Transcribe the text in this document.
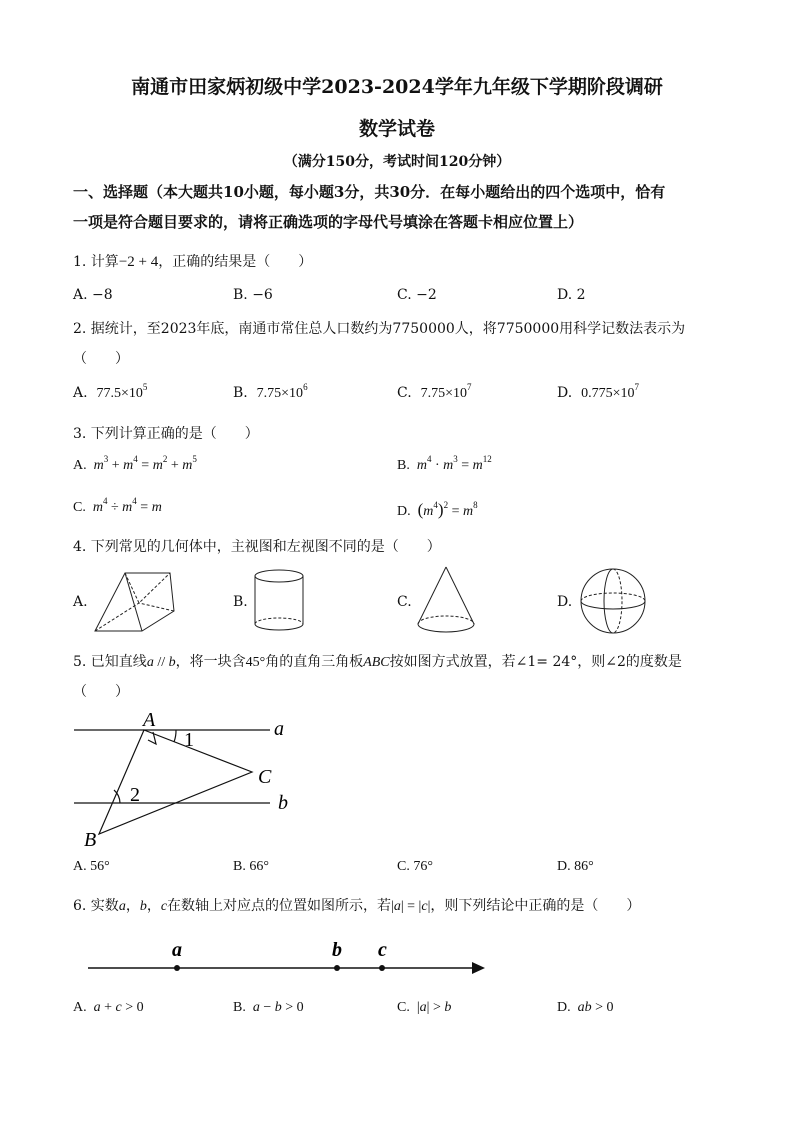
南通市田家炳初级中学2023-2024学年九年级下学期阶段调研
数学试卷
（满分150分，考试时间120分钟）
一、选择题（本大题共10小题，每小题3分，共30分．在每小题给出的四个选项中，恰有
一项是符合题目要求的，请将正确选项的字母代号填涂在答题卡相应位置上）
1. 计算−2 + 4，正确的结果是（　　）
A. −8	B. −6	C. −2	D. 2
2. 据统计，至2023年底，南通市常住总人口数约为7750000人，将7750000用科学记数法表示为
（　　）
A. $77.5\times 10^5$	B. $7.75\times 10^6$	C. $7.75\times 10^7$	D. $0.775\times 10^7$
3. 下列计算正确的是（　　）
A. $m^3 + m^4 = m^2 + m^5$	B. $m^4 \cdot m^3 = m^{12}$
C. $m^4 \div m^4 = m$	D. $(m^4)^2 = m^8$
4. 下列常见的几何体中，主视图和左视图不同的是（　　）
A.	B.	C.	D.
5. 已知直线a // b，将一块含45°角的直角三角板ABC按如图方式放置，若∠1= 24°，则∠2的度数是
（　　）
A	a
1
C
2	b
B
A. 56°	B. 66°	C. 76°	D. 86°
6. 实数a，b，c在数轴上对应点的位置如图所示，若|a| = |c|，则下列结论中正确的是（　　）
a	b c
A. a + c > 0	B. a − b > 0	C.  |a| > b	D. ab > 0
